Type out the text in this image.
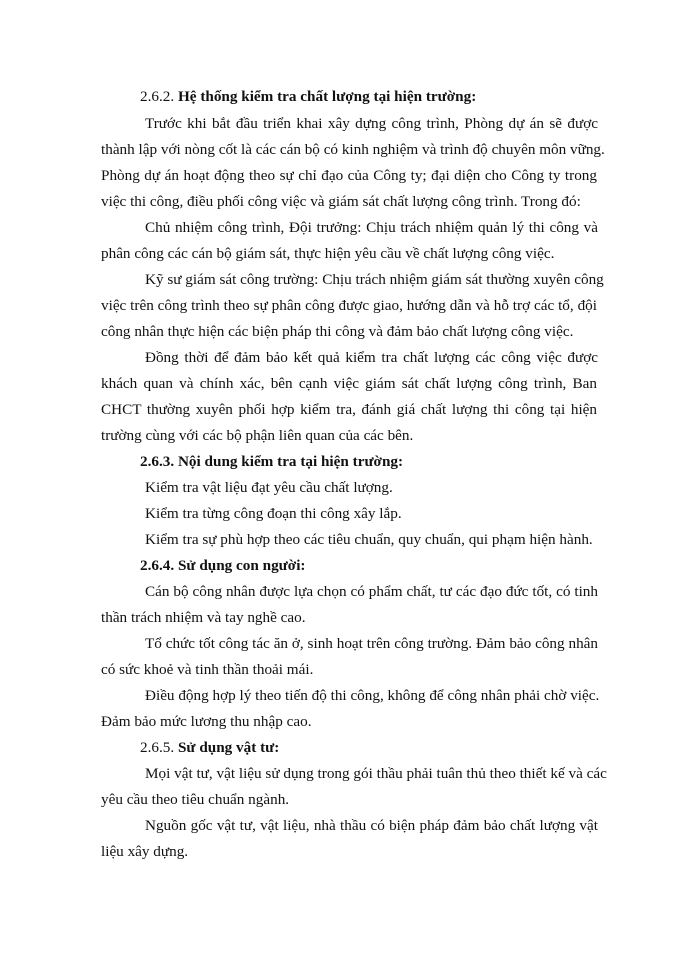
2.6.2. Hệ thống kiểm tra chất lượng tại hiện trường:
Trước khi bắt đầu triển khai xây dựng công trình, Phòng dự án sẽ được
thành lập với nòng cốt là các cán bộ có kinh nghiệm và trình độ chuyên môn vững.
Phòng dự án hoạt động theo sự chỉ đạo của Công ty; đại diện cho Công ty trong
việc thi công, điều phối công việc và giám sát chất lượng công trình. Trong đó:
Chủ nhiệm công trình, Đội trưởng: Chịu trách nhiệm quản lý thi công và
phân công các cán bộ giám sát, thực hiện yêu cầu về chất lượng công việc.
Kỹ sư giám sát công trường: Chịu trách nhiệm giám sát thường xuyên công
việc trên công trình theo sự phân công được giao, hướng dẫn và hỗ trợ các tổ, đội
công nhân thực hiện các biện pháp thi công và đảm bảo chất lượng công việc.
Đồng thời để đảm bảo kết quả kiểm tra chất lượng các công việc được
khách quan và chính xác, bên cạnh việc giám sát chất lượng công trình, Ban
CHCT thường xuyên phối hợp kiểm tra, đánh giá chất lượng thi công tại hiện
trường cùng với các bộ phận liên quan của các bên.
2.6.3. Nội dung kiểm tra tại hiện trường:
Kiểm tra vật liệu đạt yêu cầu chất lượng.
Kiểm tra từng công đoạn thi công xây lắp.
Kiểm tra sự phù hợp theo các tiêu chuẩn, quy chuẩn, qui phạm hiện hành.
2.6.4. Sử dụng con người:
Cán bộ công nhân được lựa chọn có phẩm chất, tư các đạo đức tốt, có tinh
thần trách nhiệm và tay nghề cao.
Tổ chức tốt công tác ăn ở, sinh hoạt trên công trường. Đảm bảo công nhân
có sức khoẻ và tinh thần thoải mái.
Điều động hợp lý theo tiến độ thi công, không để công nhân phải chờ việc.
Đảm bảo mức lương thu nhập cao.
2.6.5. Sử dụng vật tư:
Mọi vật tư, vật liệu sử dụng trong gói thầu phải tuân thủ theo thiết kế và các
yêu cầu theo tiêu chuẩn ngành.
Nguồn gốc vật tư, vật liệu, nhà thầu có biện pháp đảm bảo chất lượng vật
liệu xây dựng.
